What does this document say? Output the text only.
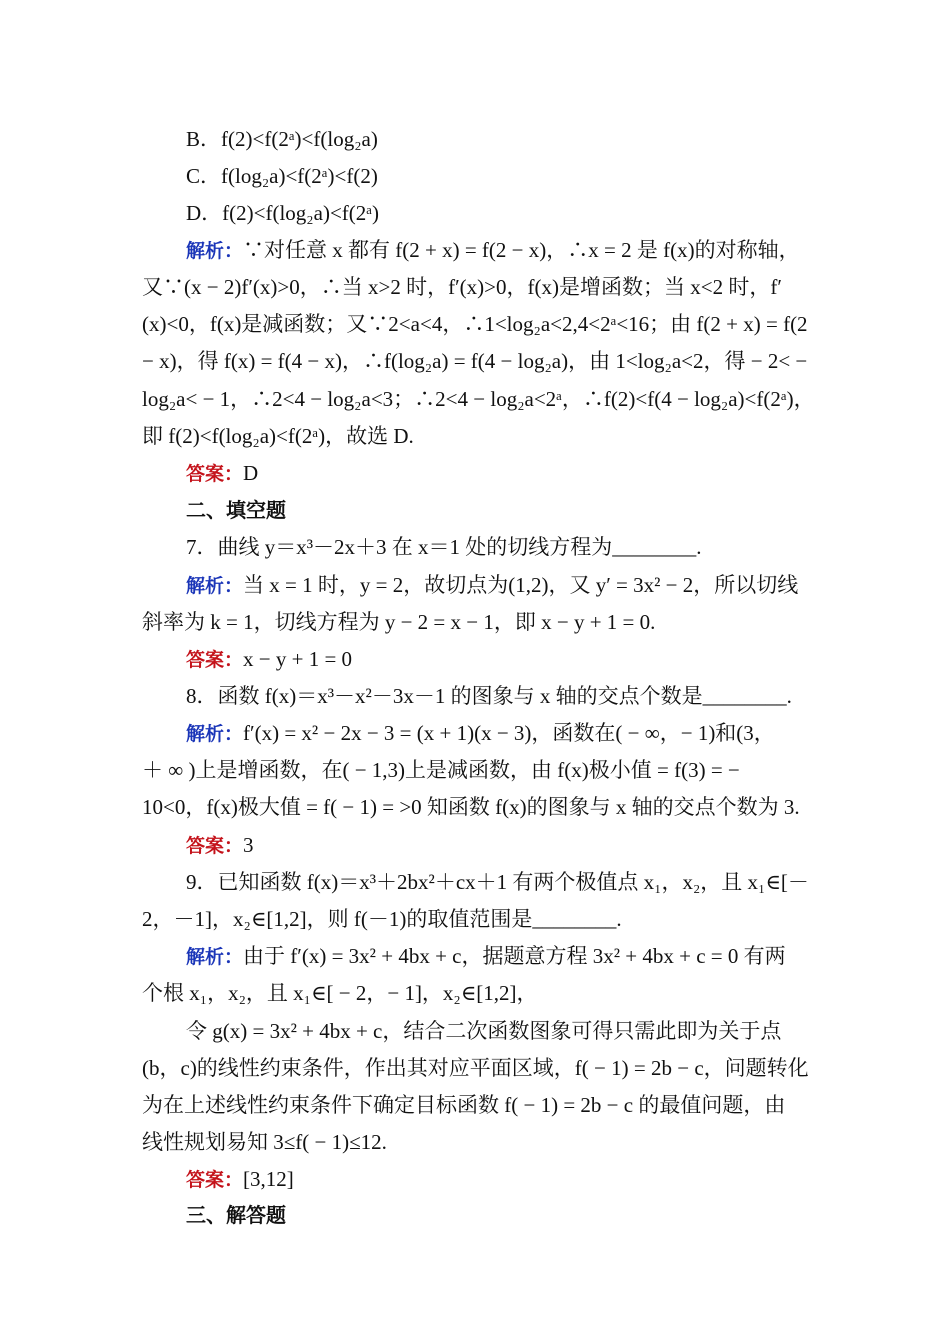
B．f(2)<f(2ᵃ)<f(log₂a)
C．f(log₂a)<f(2ᵃ)<f(2)
D．f(2)<f(log₂a)<f(2ᵃ)
解析：∵对任意 x 都有 f(2 + x) = f(2 − x)，∴x = 2 是 f(x)的对称轴，
又∵(x − 2)f′(x)>0，∴当 x>2 时，f′(x)>0，f(x)是增函数；当 x<2 时，f′
(x)<0，f(x)是减函数；又∵2<a<4，∴1<log₂a<2,4<2ᵃ<16；由 f(2 + x) = f(2
− x)，得 f(x) = f(4 − x)，∴f(log₂a) = f(4 − log₂a)，由 1<log₂a<2，得 − 2< −
log₂a< − 1，∴2<4 − log₂a<3；∴2<4 − log₂a<2ᵃ，∴f(2)<f(4 − log₂a)<f(2ᵃ)，
即 f(2)<f(log₂a)<f(2ᵃ)，故选 D.
答案：D
二、填空题
7．曲线 y＝x³－2x＋3 在 x＝1 处的切线方程为________.
解析：当 x = 1 时，y = 2，故切点为(1,2)，又 y′ = 3x² − 2，所以切线
斜率为 k = 1，切线方程为 y − 2 = x − 1，即 x − y + 1 = 0.
答案：x − y + 1 = 0
8．函数 f(x)＝x³－x²－3x－1 的图象与 x 轴的交点个数是________.
解析：f′(x) = x² − 2x − 3 = (x + 1)(x − 3)，函数在( − ∞，− 1)和(3，
＋ ∞ )上是增函数，在( − 1,3)上是减函数，由 f(x)极小值 = f(3) = −
10<0，f(x)极大值 = f( − 1) = >0 知函数 f(x)的图象与 x 轴的交点个数为 3.
答案：3
9．已知函数 f(x)＝x³＋2bx²＋cx＋1 有两个极值点 x₁，x₂，且 x₁∈[－
2，－1]，x₂∈[1,2]，则 f(－1)的取值范围是________.
解析：由于 f′(x) = 3x² + 4bx + c，据题意方程 3x² + 4bx + c = 0 有两
个根 x₁，x₂，且 x₁∈[ − 2，− 1]，x₂∈[1,2]，
令 g(x) = 3x² + 4bx + c，结合二次函数图象可得只需此即为关于点
(b，c)的线性约束条件，作出其对应平面区域，f( − 1) = 2b − c，问题转化
为在上述线性约束条件下确定目标函数 f( − 1) = 2b − c 的最值问题，由
线性规划易知 3≤f( − 1)≤12.
答案：[3,12]
三、解答题
